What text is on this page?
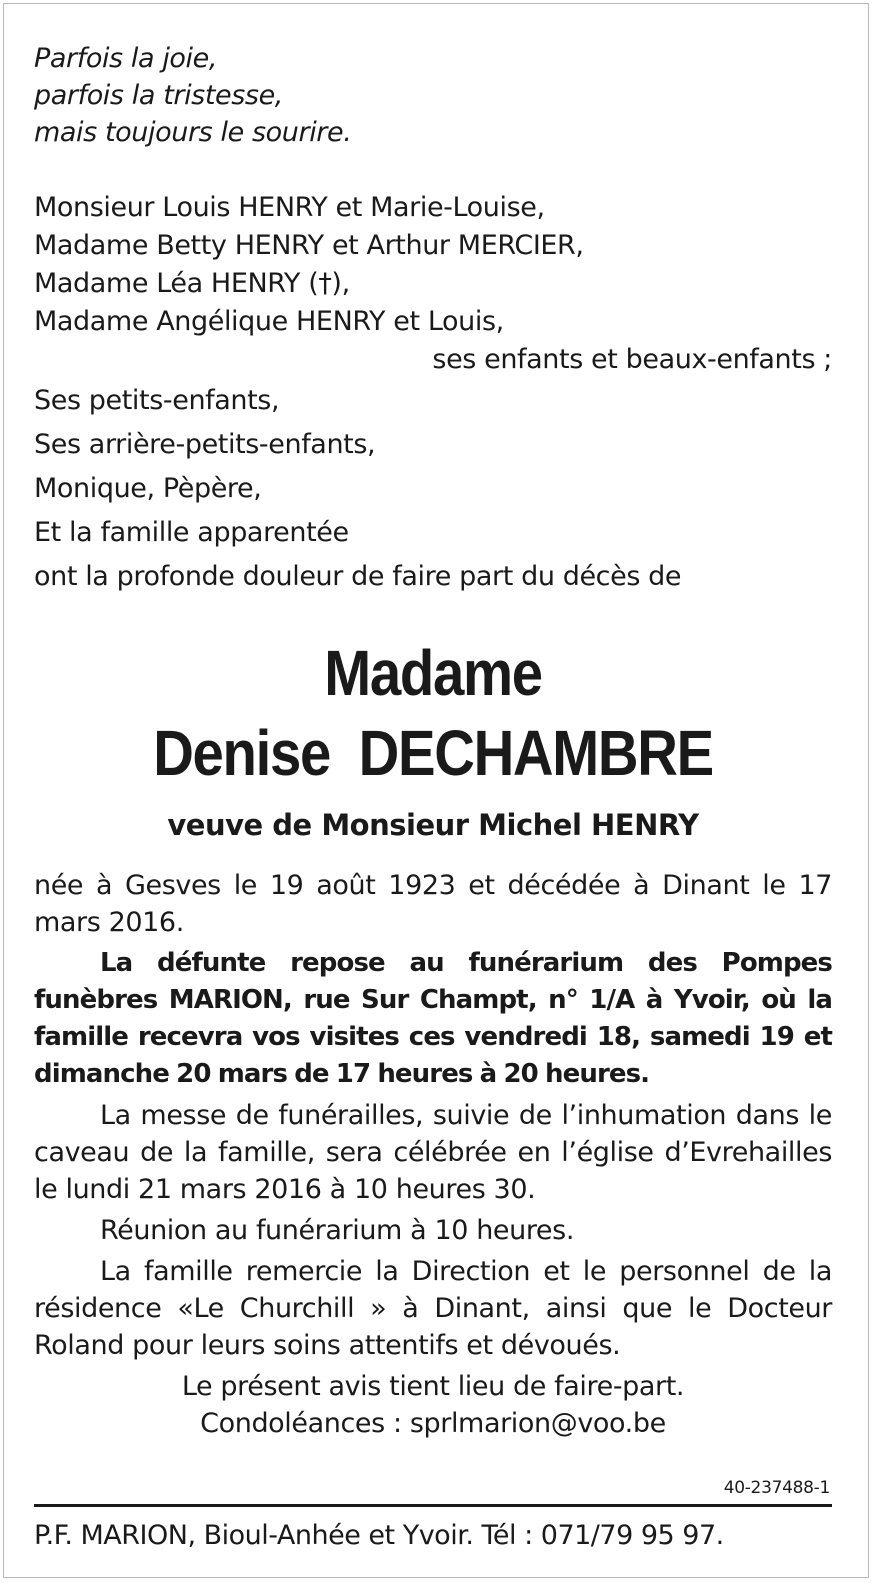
Parfois la joie,
parfois la tristesse,
mais toujours le sourire.
Monsieur Louis HENRY et Marie-Louise,
Madame Betty HENRY et Arthur MERCIER,
Madame Léa HENRY (†),
Madame Angélique HENRY et Louis,
ses enfants et beaux-enfants ;
Ses petits-enfants,
Ses arrière-petits-enfants,
Monique, Pèpère,
Et la famille apparentée
ont la profonde douleur de faire part du décès de
Madame
Denise  DECHAMBRE
veuve de Monsieur Michel HENRY

née à Gesves le 19 août 1923 et décédée à Dinant le 17 mars 2016.

La défunte repose au funérarium des Pompes funèbres MARION, rue Sur Champt, n° 1/A à Yvoir, où la famille recevra vos visites ces vendredi 18, samedi 19 et dimanche 20 mars de 17 heures à 20 heures.

La messe de funérailles, suivie de l’inhumation dans le caveau de la famille, sera célébrée en l’église d’Evrehailles le lundi 21 mars 2016 à 10 heures 30.

Réunion au funérarium à 10 heures.

La famille remercie la Direction et le personnel de la résidence «Le Churchill » à Dinant, ainsi que le Docteur Roland pour leurs soins attentifs et dévoués.

Le présent avis tient lieu de faire-part.
Condoléances : sprlmarion@voo.be
40-237488-1
P.F. MARION, Bioul-Anhée et Yvoir. Tél : 071/79 95 97.
